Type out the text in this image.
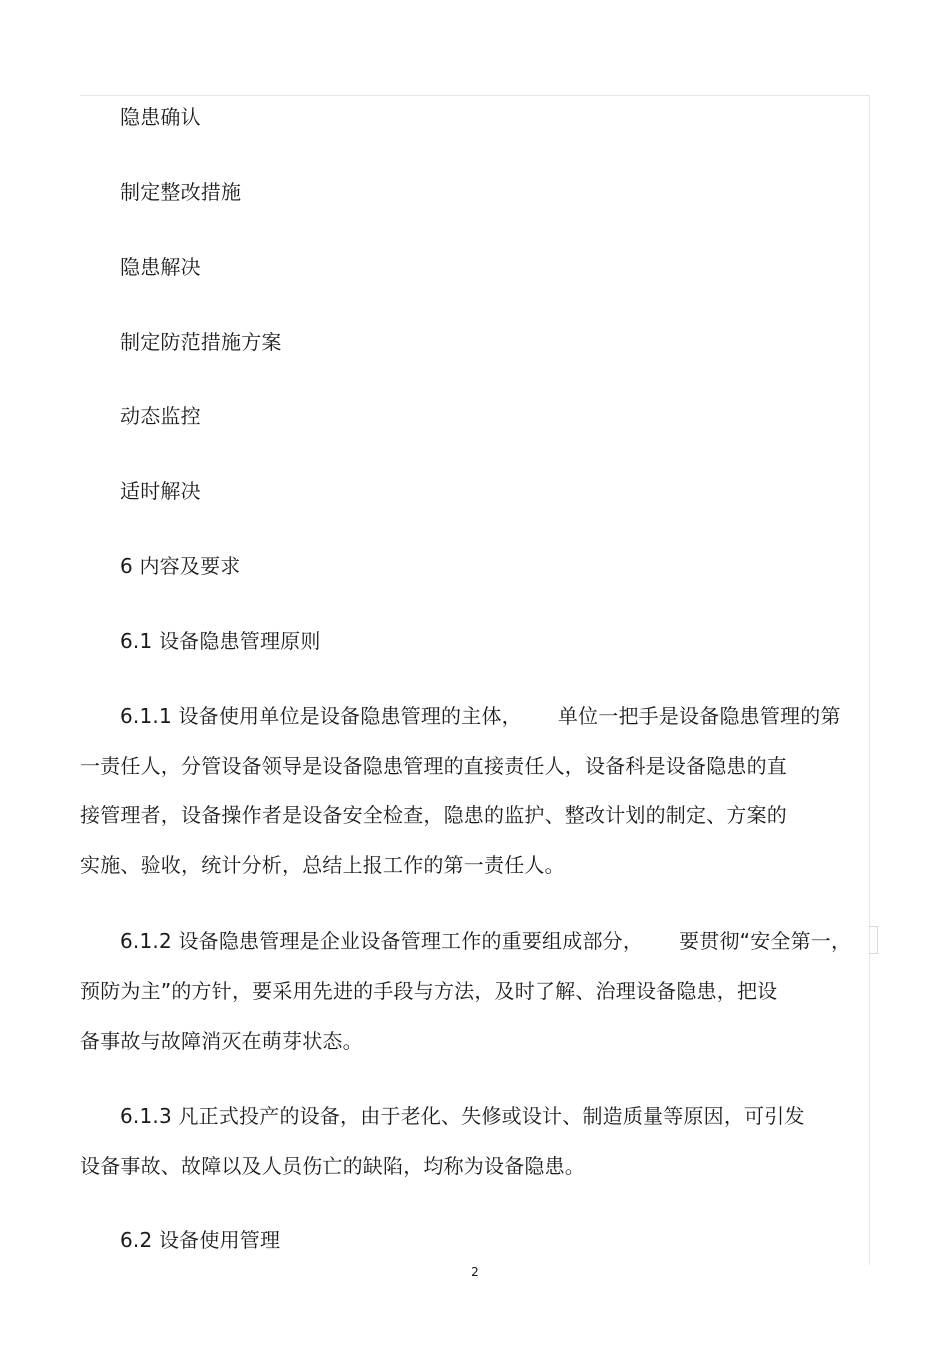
隐患确认
制定整改措施
隐患解决
制定防范措施方案
动态监控
适时解决
6 内容及要求
6.1 设备隐患管理原则
6.1.1 设备使用单位是设备隐患管理的主体， 单位一把手是设备隐患管理的第
一责任人，分管设备领导是设备隐患管理的直接责任人，设备科是设备隐患的直
接管理者，设备操作者是设备安全检查，隐患的监护、整改计划的制定、方案的
实施、验收，统计分析，总结上报工作的第一责任人。
6.1.2 设备隐患管理是企业设备管理工作的重要组成部分， 要贯彻“安全第一，
预防为主”的方针，要采用先进的手段与方法，及时了解、治理设备隐患，把设
备事故与故障消灭在萌芽状态。
6.1.3 凡正式投产的设备，由于老化、失修或设计、制造质量等原因，可引发
设备事故、故障以及人员伤亡的缺陷，均称为设备隐患。
6.2 设备使用管理
2
